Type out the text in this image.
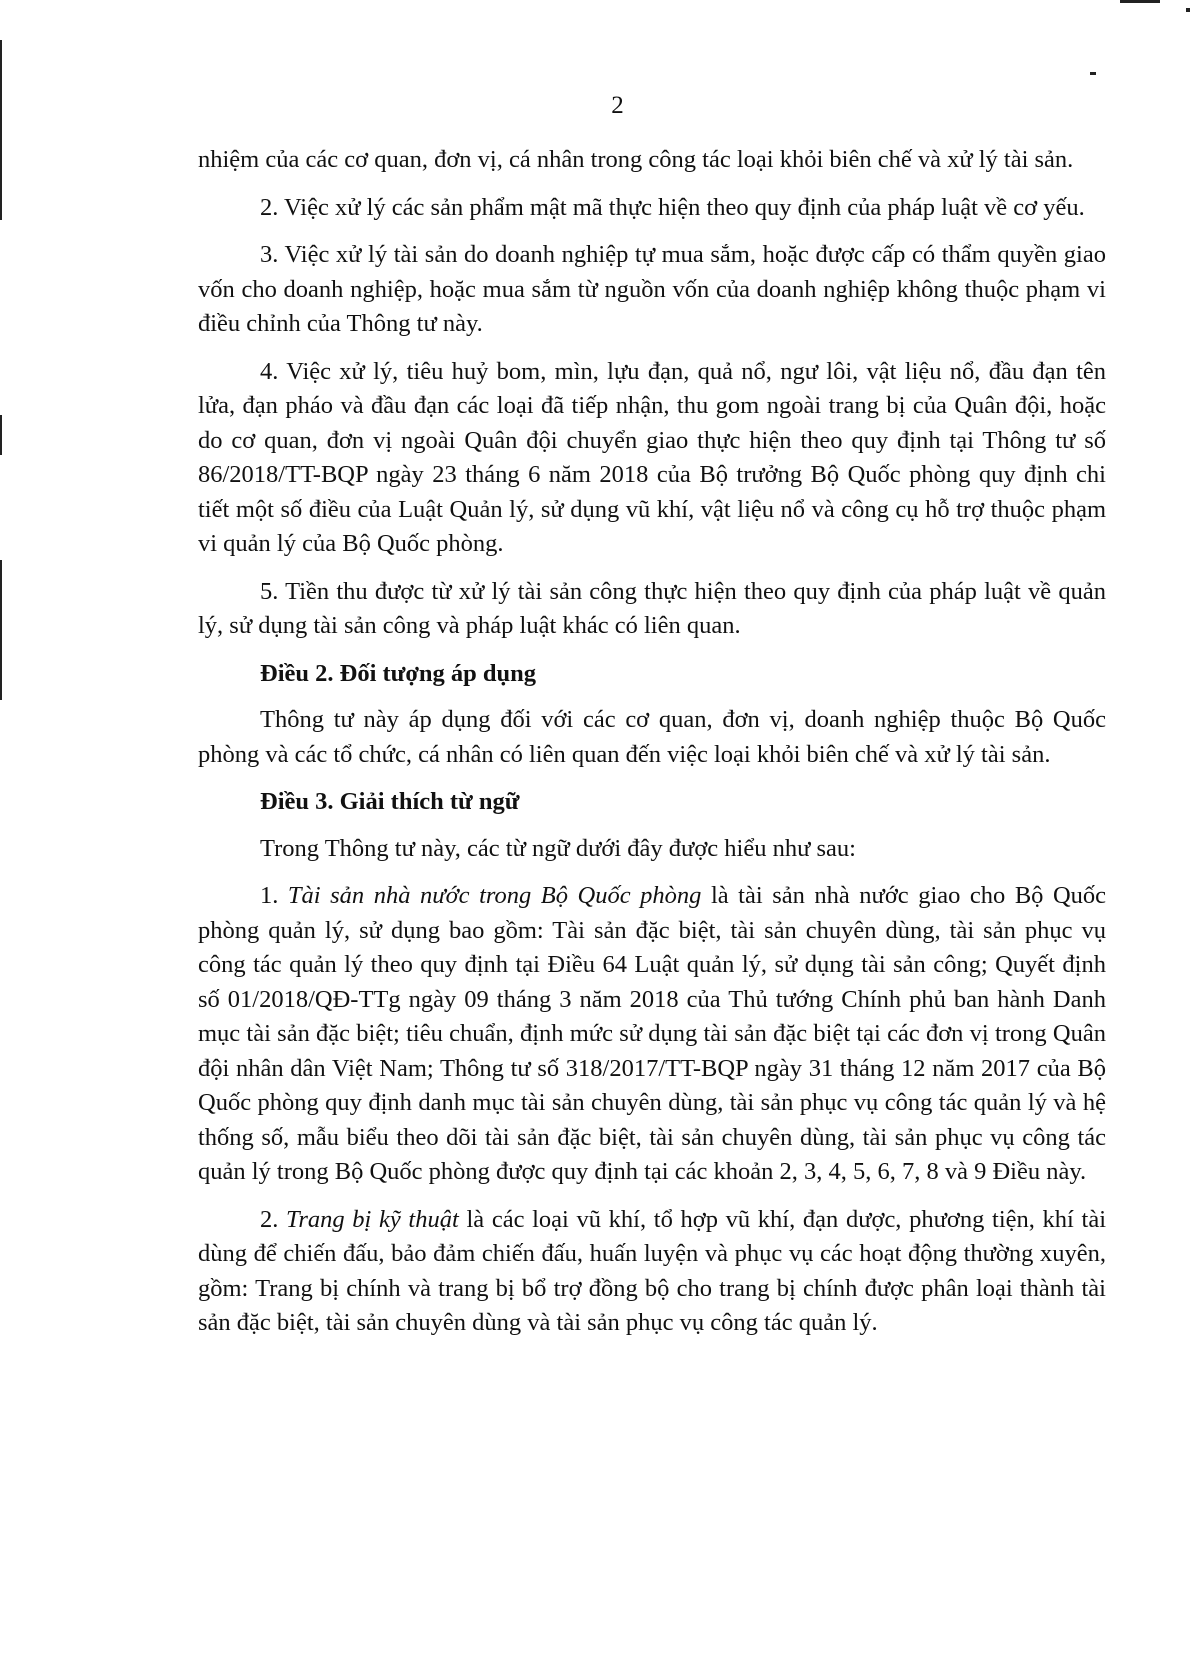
2

nhiệm của các cơ quan, đơn vị, cá nhân trong công tác loại khỏi biên chế và xử lý tài sản.

2. Việc xử lý các sản phẩm mật mã thực hiện theo quy định của pháp luật về cơ yếu.

3. Việc xử lý tài sản do doanh nghiệp tự mua sắm, hoặc được cấp có thẩm quyền giao vốn cho doanh nghiệp, hoặc mua sắm từ nguồn vốn của doanh nghiệp không thuộc phạm vi điều chỉnh của Thông tư này.

4. Việc xử lý, tiêu huỷ bom, mìn, lựu đạn, quả nổ, ngư lôi, vật liệu nổ, đầu đạn tên lửa, đạn pháo và đầu đạn các loại đã tiếp nhận, thu gom ngoài trang bị của Quân đội, hoặc do cơ quan, đơn vị ngoài Quân đội chuyển giao thực hiện theo quy định tại Thông tư số 86/2018/TT-BQP ngày 23 tháng 6 năm 2018 của Bộ trưởng Bộ Quốc phòng quy định chi tiết một số điều của Luật Quản lý, sử dụng vũ khí, vật liệu nổ và công cụ hỗ trợ thuộc phạm vi quản lý của Bộ Quốc phòng.

5. Tiền thu được từ xử lý tài sản công thực hiện theo quy định của pháp luật về quản lý, sử dụng tài sản công và pháp luật khác có liên quan.

Điều 2. Đối tượng áp dụng

Thông tư này áp dụng đối với các cơ quan, đơn vị, doanh nghiệp thuộc Bộ Quốc phòng và các tổ chức, cá nhân có liên quan đến việc loại khỏi biên chế và xử lý tài sản.

Điều 3. Giải thích từ ngữ

Trong Thông tư này, các từ ngữ dưới đây được hiểu như sau:

1. Tài sản nhà nước trong Bộ Quốc phòng là tài sản nhà nước giao cho Bộ Quốc phòng quản lý, sử dụng bao gồm: Tài sản đặc biệt, tài sản chuyên dùng, tài sản phục vụ công tác quản lý theo quy định tại Điều 64 Luật quản lý, sử dụng tài sản công; Quyết định số 01/2018/QĐ-TTg ngày 09 tháng 3 năm 2018 của Thủ tướng Chính phủ ban hành Danh mục tài sản đặc biệt; tiêu chuẩn, định mức sử dụng tài sản đặc biệt tại các đơn vị trong Quân đội nhân dân Việt Nam; Thông tư số 318/2017/TT-BQP ngày 31 tháng 12 năm 2017 của Bộ Quốc phòng quy định danh mục tài sản chuyên dùng, tài sản phục vụ công tác quản lý và hệ thống số, mẫu biểu theo dõi tài sản đặc biệt, tài sản chuyên dùng, tài sản phục vụ công tác quản lý trong Bộ Quốc phòng được quy định tại các khoản 2, 3, 4, 5, 6, 7, 8 và 9 Điều này.

2. Trang bị kỹ thuật là các loại vũ khí, tổ hợp vũ khí, đạn dược, phương tiện, khí tài dùng để chiến đấu, bảo đảm chiến đấu, huấn luyện và phục vụ các hoạt động thường xuyên, gồm: Trang bị chính và trang bị bổ trợ đồng bộ cho trang bị chính được phân loại thành tài sản đặc biệt, tài sản chuyên dùng và tài sản phục vụ công tác quản lý.
